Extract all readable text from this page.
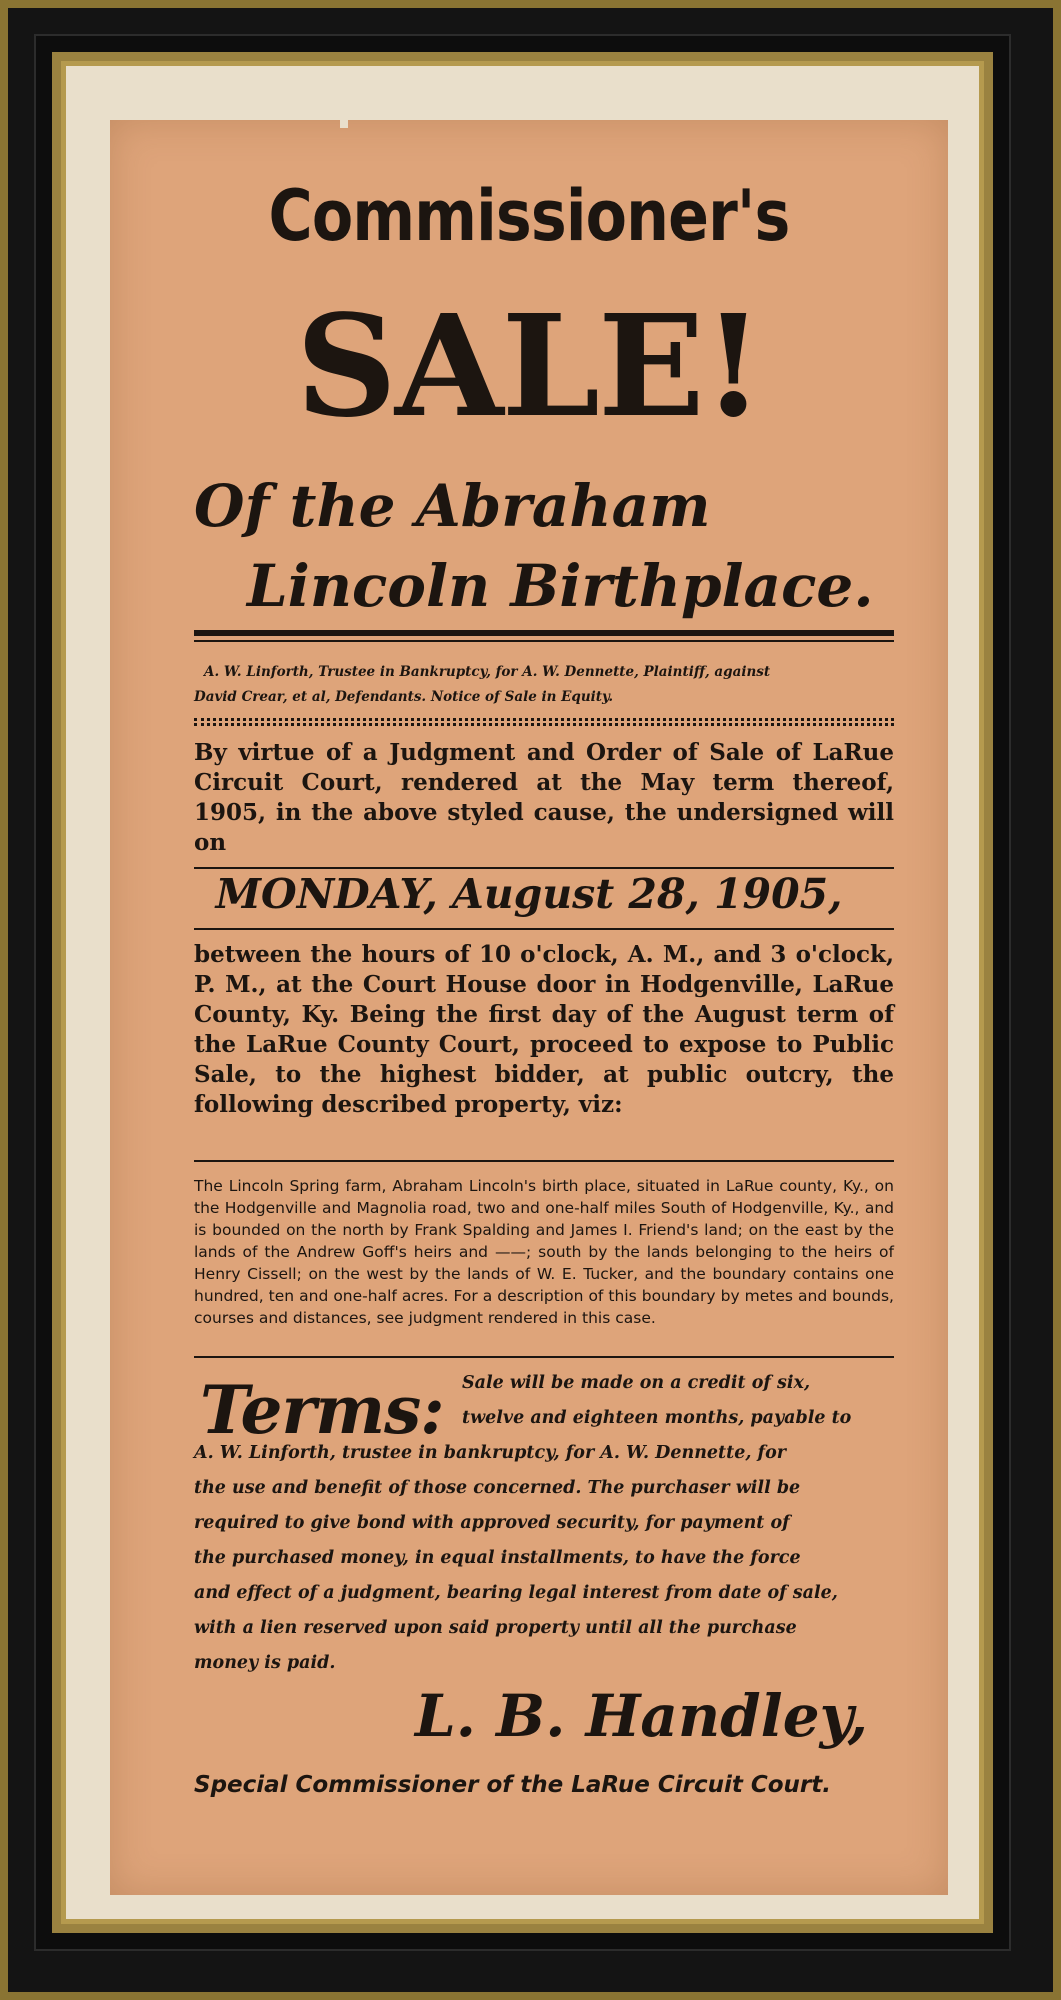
Commissioner's
SALE!
Of the Abraham
Lincoln Birthplace.
A. W. Linforth, Trustee in Bankruptcy, for A. W. Dennette, Plaintiff, against
David Crear, et al, Defendants. Notice of Sale in Equity.
By virtue of a Judgment and Order of Sale of LaRue Circuit Court, rendered at the May term thereof, 1905, in the above styled cause, the undersigned will on
MONDAY, August 28, 1905,
between the hours of 10 o'clock, A. M., and 3 o'clock, P. M., at the Court House door in Hodgenville, LaRue County, Ky. Being the first day of the August term of the LaRue County Court, proceed to expose to Public Sale, to the highest bidder, at public outcry, the following described property, viz:
The Lincoln Spring farm, Abraham Lincoln's birth place, situated in LaRue county, Ky., on the Hodgenville and Magnolia road, two and one-half miles South of Hodgenville, Ky., and is bounded on the north by Frank Spalding and James I. Friend's land; on the east by the lands of the Andrew Goff's heirs and ——; south by the lands belonging to the heirs of Henry Cissell; on the west by the lands of W. E. Tucker, and the boundary contains one hundred, ten and one-half acres. For a description of this boundary by metes and bounds, courses and distances, see judgment rendered in this case.
Terms: Sale will be made on a credit of six,
twelve and eighteen months, payable to
A. W. Linforth, trustee in bankruptcy, for A. W. Dennette, for
the use and benefit of those concerned. The purchaser will be
required to give bond with approved security, for payment of
the purchased money, in equal installments, to have the force
and effect of a judgment, bearing legal interest from date of sale,
with a lien reserved upon said property until all the purchase
money is paid.
L. B. Handley,
Special Commissioner of the LaRue Circuit Court.
